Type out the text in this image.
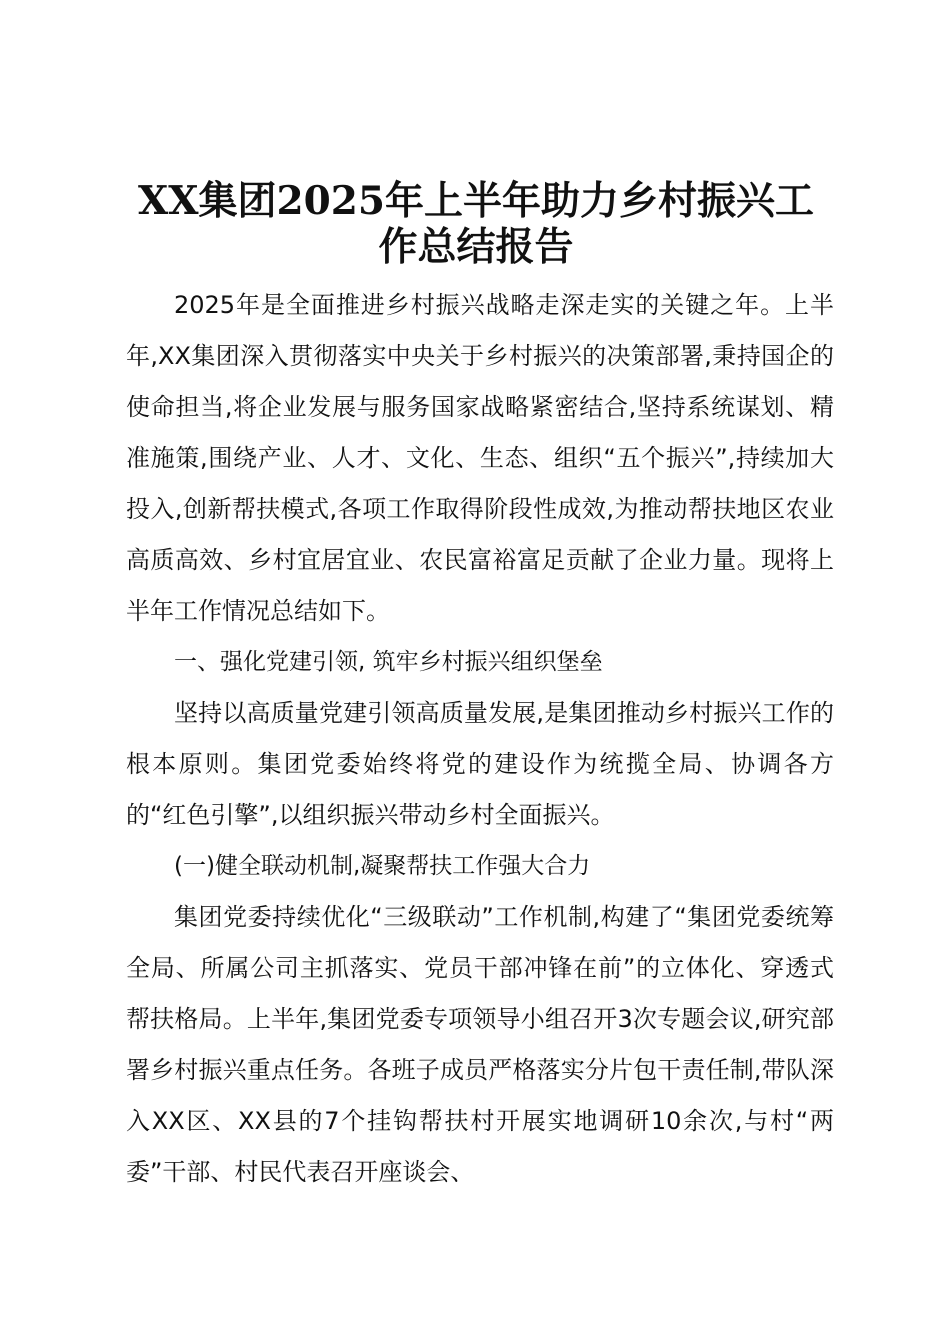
XX集团2025年上半年助力乡村振兴工作总结报告

2025年是全面推进乡村振兴战略走深走实的关键之年。上半年,XX集团深入贯彻落实中央关于乡村振兴的决策部署,秉持国企的使命担当,将企业发展与服务国家战略紧密结合,坚持系统谋划、精准施策,围绕产业、人才、文化、生态、组织“五个振兴”,持续加大投入,创新帮扶模式,各项工作取得阶段性成效,为推动帮扶地区农业高质高效、乡村宜居宜业、农民富裕富足贡献了企业力量。现将上半年工作情况总结如下。

一、强化党建引领, 筑牢乡村振兴组织堡垒

坚持以高质量党建引领高质量发展,是集团推动乡村振兴工作的根本原则。集团党委始终将党的建设作为统揽全局、协调各方的“红色引擎”,以组织振兴带动乡村全面振兴。

(一)健全联动机制,凝聚帮扶工作强大合力

集团党委持续优化“三级联动”工作机制,构建了“集团党委统筹全局、所属公司主抓落实、党员干部冲锋在前”的立体化、穿透式帮扶格局。上半年,集团党委专项领导小组召开3次专题会议,研究部署乡村振兴重点任务。各班子成员严格落实分片包干责任制,带队深入XX区、XX县的7个挂钩帮扶村开展实地调研10余次,与村“两委”干部、村民代表召开座谈会、
